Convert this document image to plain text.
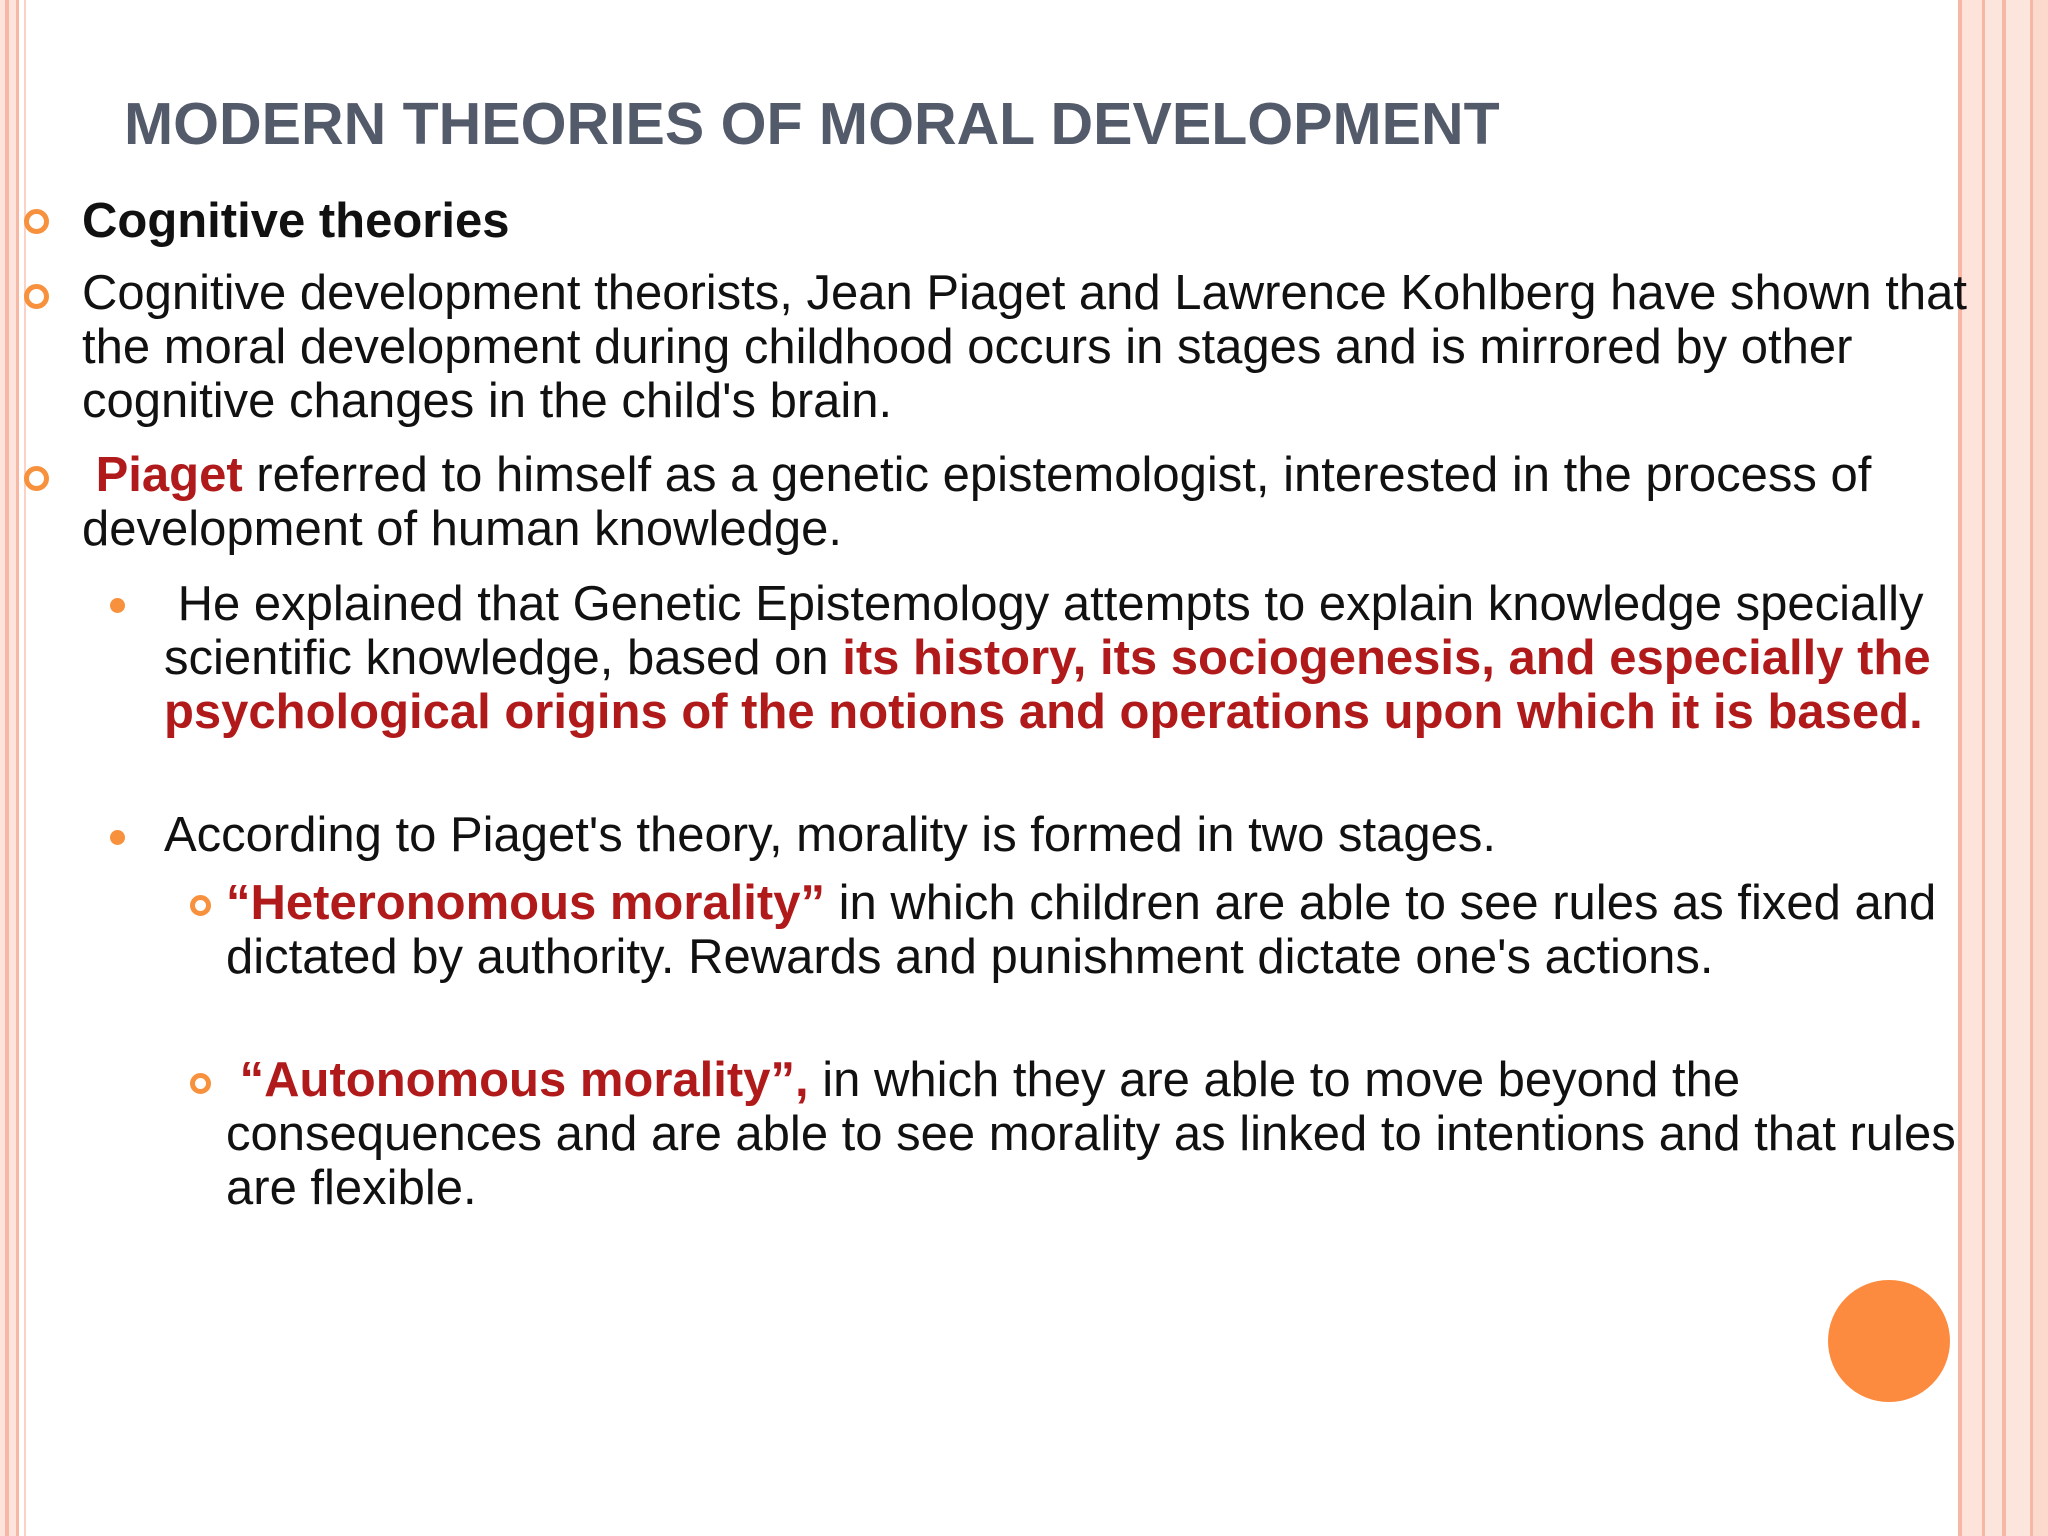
MODERN THEORIES OF MORAL DEVELOPMENT
Cognitive theories
Cognitive development theorists, Jean Piaget and Lawrence Kohlberg have shown that the moral development during childhood occurs in stages and is mirrored by other cognitive changes in the child's brain.
Piaget referred to himself as a genetic epistemologist, interested in the process of development of human knowledge.
He explained that Genetic Epistemology attempts to explain knowledge specially scientific knowledge, based on its history, its sociogenesis, and especially the psychological origins of the notions and operations upon which it is based.
According to Piaget's theory, morality is formed in two stages.
“Heteronomous morality” in which children are able to see rules as fixed and dictated by authority. Rewards and punishment dictate one's actions.
“Autonomous morality”, in which they are able to move beyond the consequences and are able to see morality as linked to intentions and that rules are flexible.
